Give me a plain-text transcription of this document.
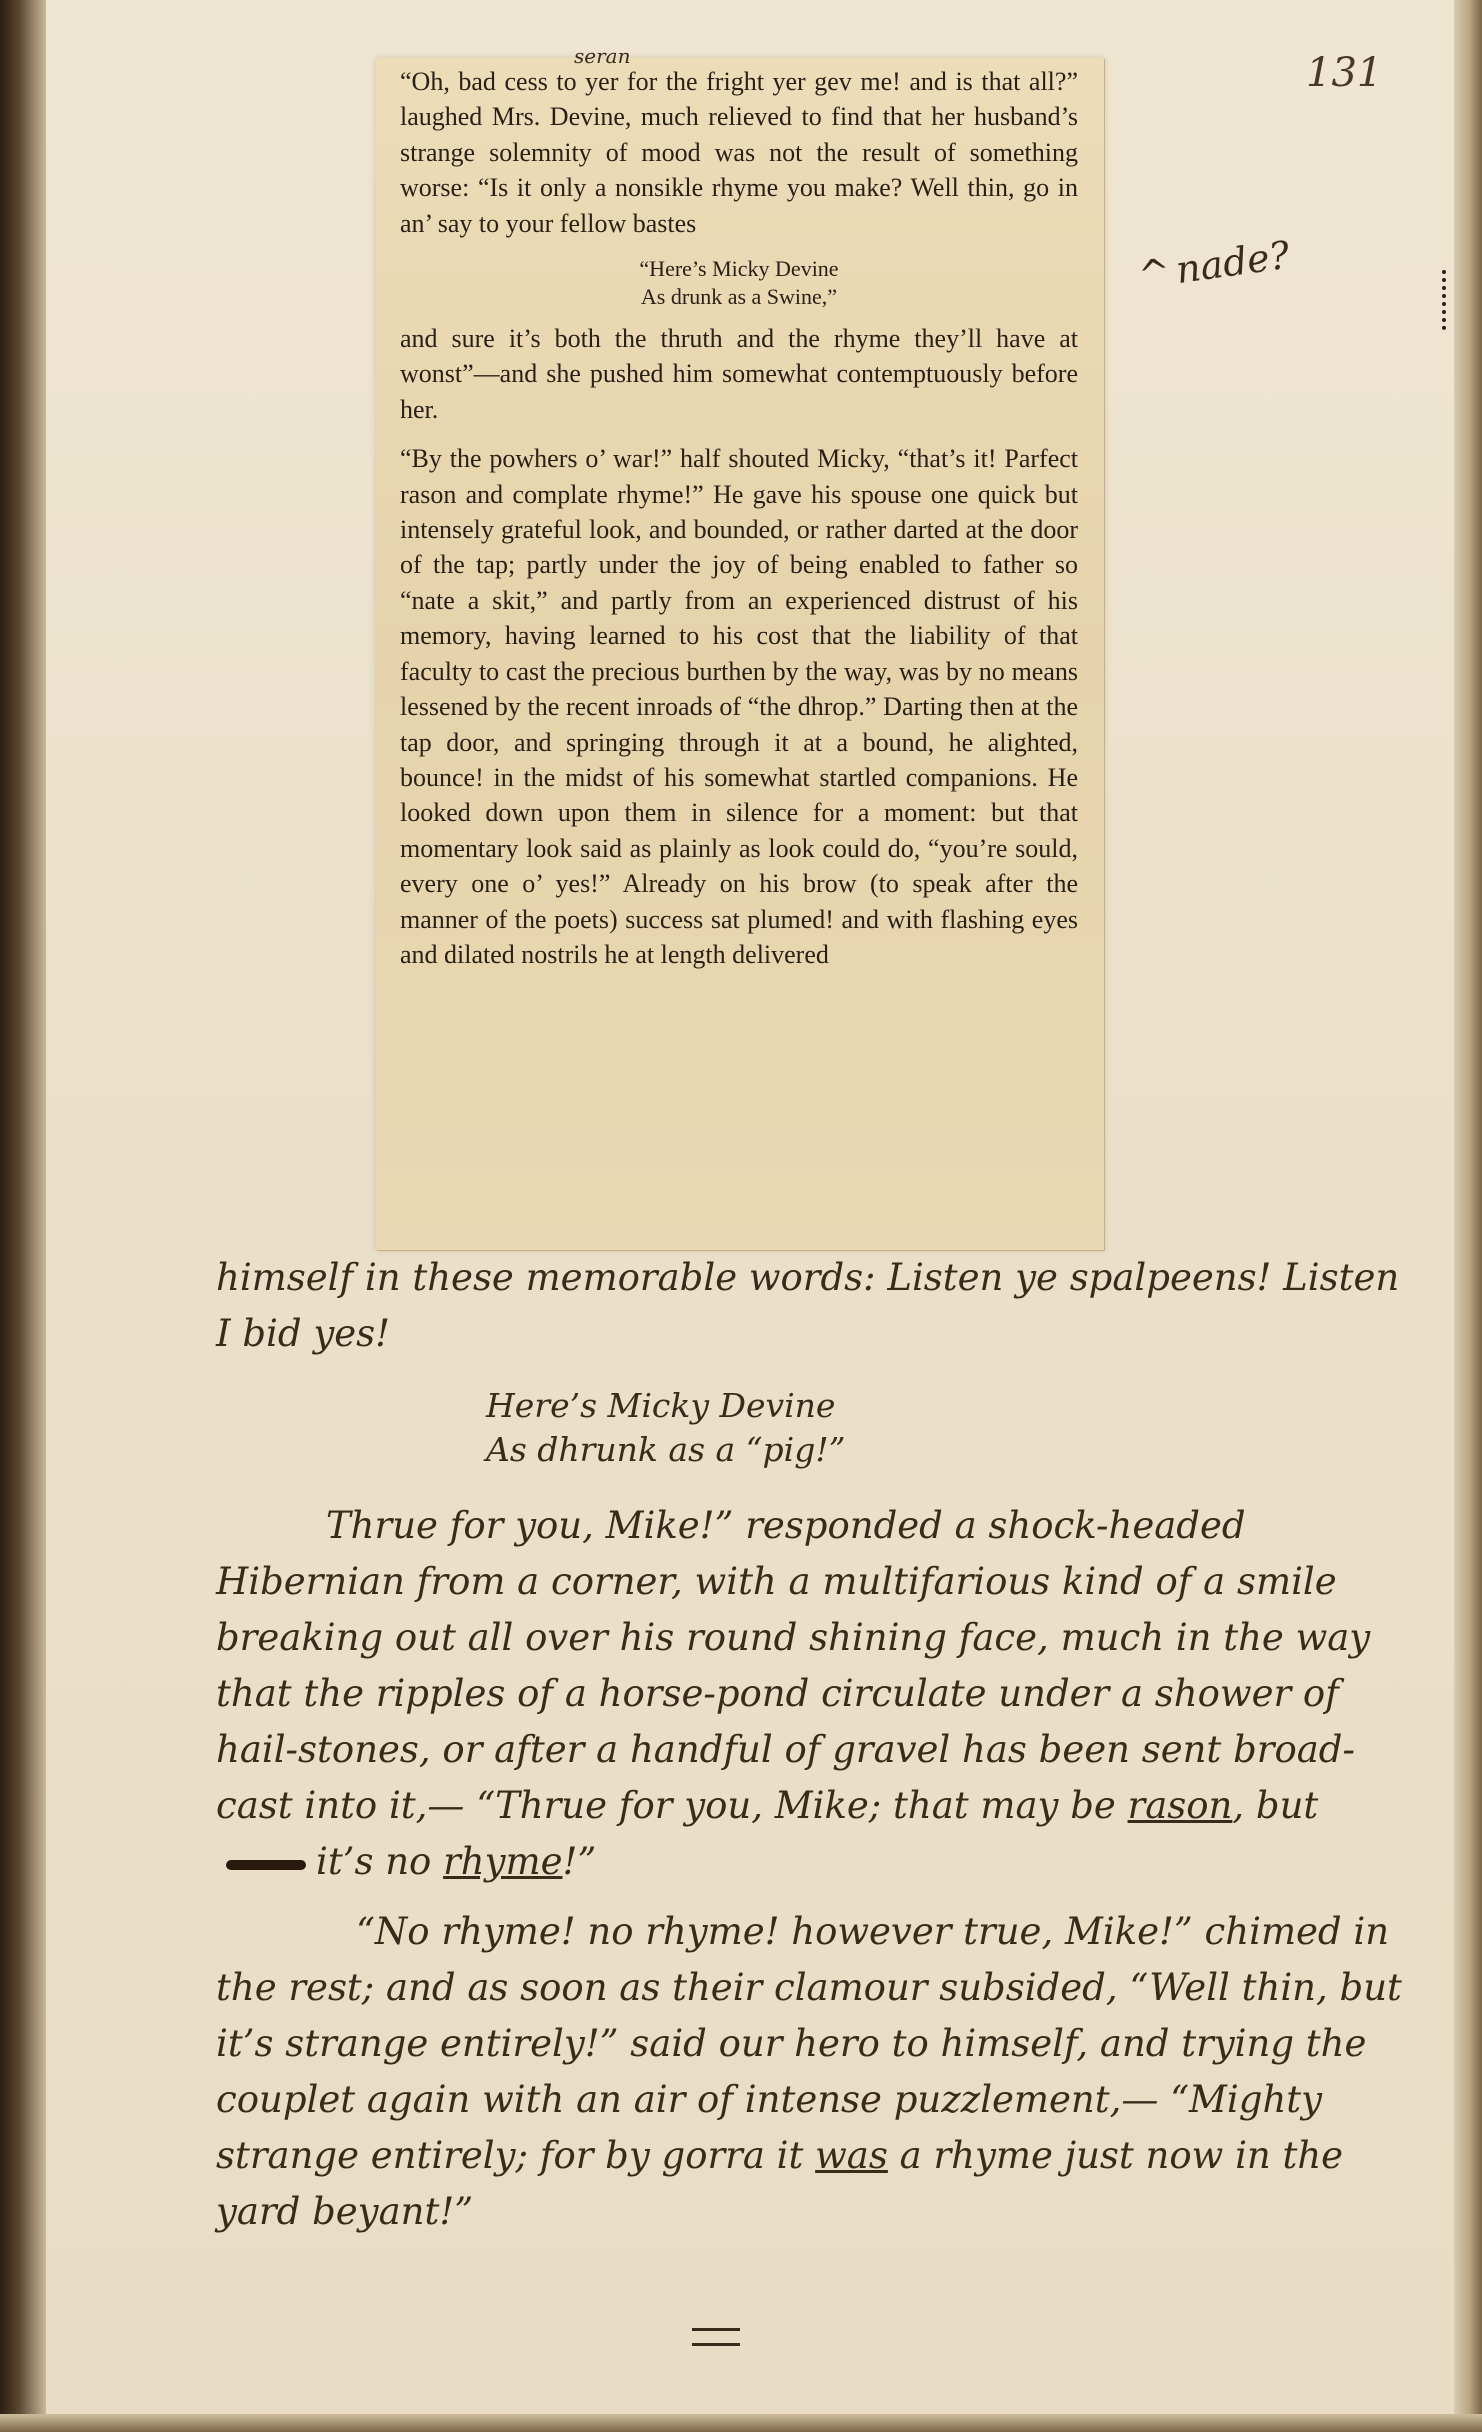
131
^nade?
seran

“Oh, bad cess to yer for the fright yer gev me! and is that all?” laughed Mrs. Devine, much relieved to find that her husband’s strange solemnity of mood was not the result of something worse: “Is it only a nonsikle rhyme you make? Well thin, go in an’ say to your fellow bastes

“Here’s Micky Devine
As drunk as a Swine,”

and sure it’s both the thruth and the rhyme they’ll have at wonst”—and she pushed him somewhat contemptuously before her.

“By the powhers o’ war!” half shouted Micky, “that’s it! Parfect rason and complate rhyme!” He gave his spouse one quick but intensely grateful look, and bounded, or rather darted at the door of the tap; partly under the joy of being enabled to father so “nate a skit,” and partly from an experienced distrust of his memory, having learned to his cost that the liability of that faculty to cast the precious burthen by the way, was by no means lessened by the recent inroads of “the dhrop.” Darting then at the tap door, and springing through it at a bound, he alighted, bounce! in the midst of his somewhat startled companions. He looked down upon them in silence for a moment: but that momentary look said as plainly as look could do, “you’re sould, every one o’ yes!” Already on his brow (to speak after the manner of the poets) success sat plumed! and with flashing eyes and dilated nostrils he at length delivered

himself in these memorable words: Listen ye spalpeens! Listen I bid yes!

Here’s Micky Devine
As dhrunk as a “pig!”

Thrue for you, Mike!” responded a shock-headed Hibernian from a corner, with a multifarious kind of a smile breaking out all over his round shining face, much in the way that the ripples of a horse-pond circulate under a shower of hail-stones, or after a handful of gravel has been sent broad-cast into it,— “Thrue for you, Mike; that may be rason, butit’s no rhyme!”

“No rhyme! no rhyme! however true, Mike!” chimed in the rest; and as soon as their clamour subsided, “Well thin, but it’s strange entirely!” said our hero to himself, and trying the couplet again with an air of intense puzzlement,— “Mighty strange entirely; for by gorra it was a rhyme just now in the yard beyant!”
